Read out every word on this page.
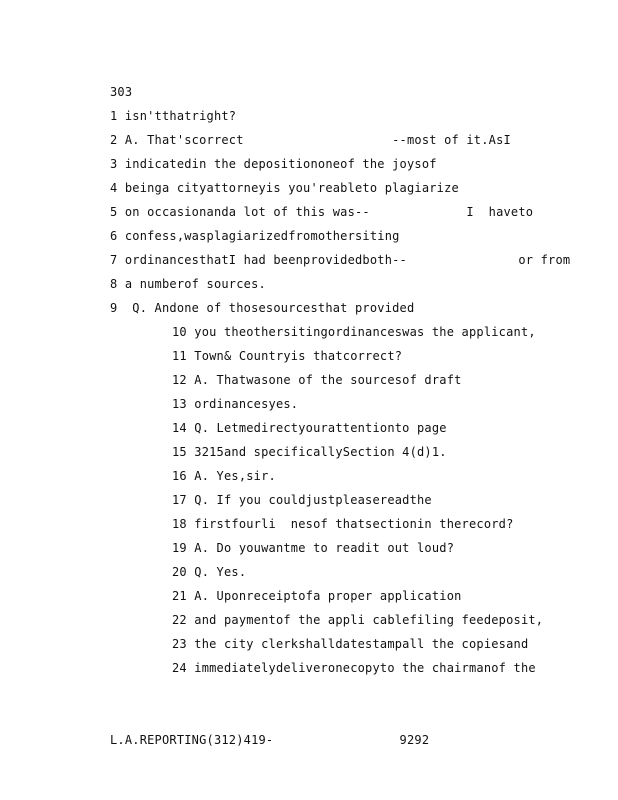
303
1 isn'tthatright?
2 A. That'scorrect                    --most of it.AsI
3 indicatedin the depositiononeof the joysof
4 beinga cityattorneyis you'reableto plagiarize
5 on occasionanda lot of this was--             I  haveto
6 confess,wasplagiarizedfromothersiting
7 ordinancesthatI had beenprovidedboth--               or from
8 a numberof sources.
9  Q. Andone of thosesourcesthat provided
10 you theothersitingordinanceswas the applicant,
11 Town& Countryis thatcorrect?
12 A. Thatwasone of the sourcesof draft
13 ordinancesyes.
14 Q. Letmedirectyourattentionto page
15 3215and specificallySection 4(d)1.
16 A. Yes,sir.
17 Q. If you couldjustpleasereadthe
18 firstfourli  nesof thatsectionin therecord?
19 A. Do youwantme to readit out loud?
20 Q. Yes.
21 A. Uponreceiptofa proper application
22 and paymentof the appli cablefiling feedeposit,
23 the city clerkshalldatestampall the copiesand
24 immediatelydeliveronecopyto the chairmanof the
L.A.REPORTING(312)419-                 9292
